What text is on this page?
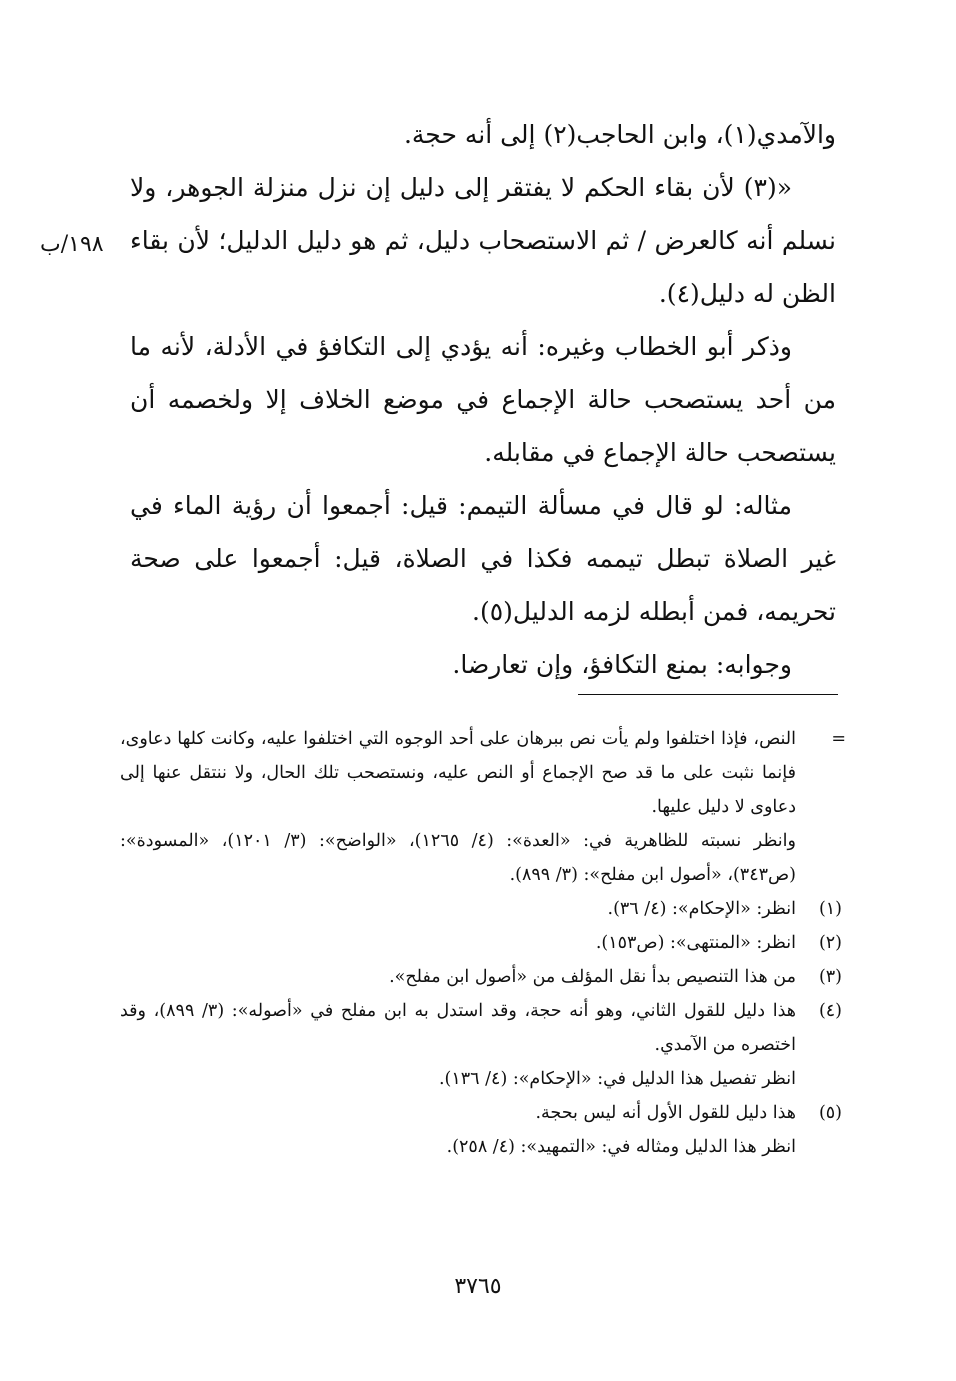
والآمدي(١)، وابن الحاجب(٢) إلى أنه حجة.

«(٣) لأن بقاء الحكم لا يفتقر إلى دليل إن نزل منزلة الجوهر، ولا نسلم أنه كالعرض / ثم الاستصحاب دليل، ثم هو دليل الدليل؛ لأن بقاء الظن له دليل(٤).

وذكر أبو الخطاب وغيره: أنه يؤدي إلى التكافؤ في الأدلة، لأنه ما من أحد يستصحب حالة الإجماع في موضع الخلاف إلا ولخصمه أن يستصحب حالة الإجماع في مقابله.

مثاله: لو قال في مسألة التيمم: قيل: أجمعوا أن رؤية الماء في غير الصلاة تبطل تيممه فكذا في الصلاة، قيل: أجمعوا على صحة تحريمه، فمن أبطله لزمه الدليل(٥).

وجوابه: بمنع التكافؤ، وإن تعارضا.

١٩٨/ب
=

النص، فإذا اختلفوا ولم يأت نص ببرهان على أحد الوجوه التي اختلفوا عليه، وكانت كلها دعاوى، فإنما نثبت على ما قد صح الإجماع أو النص عليه، ونستصحب تلك الحال، ولا ننتقل عنها إلى دعاوى لا دليل عليها.

وانظر نسبته للظاهرية في: «العدة»: (٤/ ١٢٦٥)، «الواضح»: (٣/ ١٢٠١)، «المسودة»: (ص٣٤٣)، «أصول ابن مفلح»: (٣/ ٨٩٩).

(١)

انظر: «الإحكام»: (٤/ ٣٦).

(٢)

انظر: «المنتهى»: (ص١٥٣).

(٣)

من هذا التنصيص بدأ نقل المؤلف من «أصول ابن مفلح».

(٤)

هذا دليل للقول الثاني، وهو أنه حجة، وقد استدل به ابن مفلح في «أصوله»: (٣/ ٨٩٩)، وقد اختصره من الآمدي.

انظر تفصيل هذا الدليل في: «الإحكام»: (٤/ ١٣٦).

(٥)

هذا دليل للقول الأول أنه ليس بحجة.

انظر هذا الدليل ومثاله في: «التمهيد»: (٤/ ٢٥٨).

٣٧٦٥
